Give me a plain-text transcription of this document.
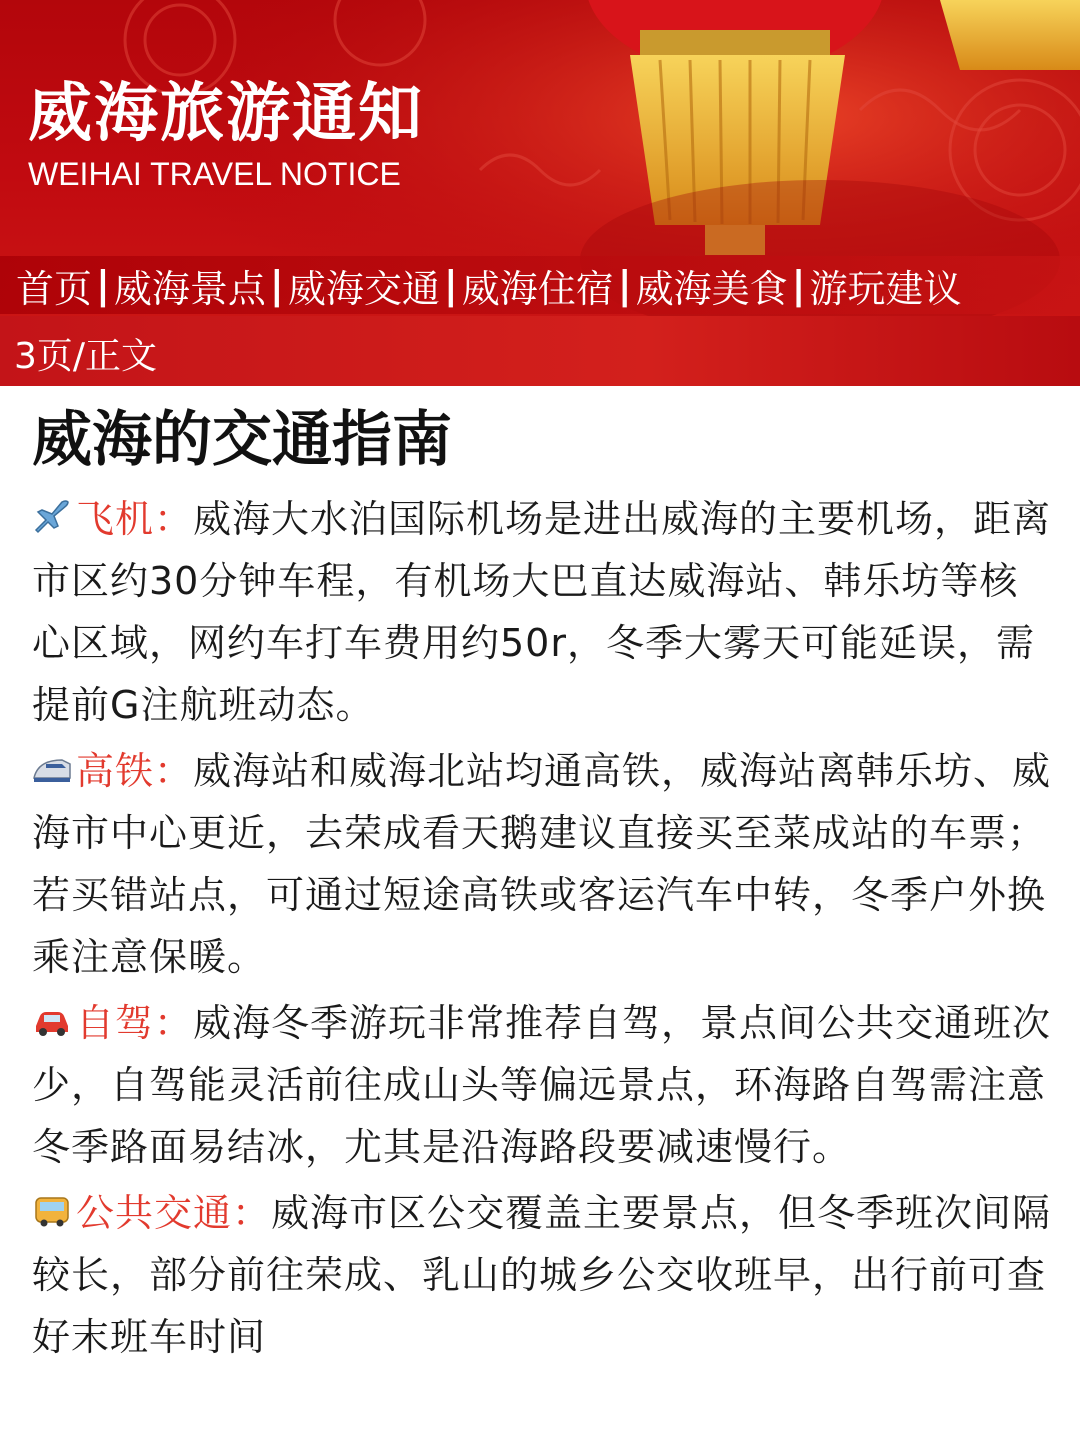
威海旅游通知
WEIHAI TRAVEL NOTICE
首页 | 威海景点 | 威海交通 | 威海住宿 | 威海美食 | 游玩建议
3页/正文
威海的交通指南

飞机：威海大水泊国际机场是进出威海的主要机场，距离市区约30分钟车程，有机场大巴直达威海站、韩乐坊等核心区域，网约车打车费用约50r，冬季大雾天可能延误，需提前G注航班动态。

高铁：威海站和威海北站均通高铁，威海站离韩乐坊、威海市中心更近，去荣成看天鹅建议直接买至菜成站的车票；若买错站点，可通过短途高铁或客运汽车中转，冬季户外换乘注意保暖。

自驾：威海冬季游玩非常推荐自驾，景点间公共交通班次少，自驾能灵活前往成山头等偏远景点，环海路自驾需注意冬季路面易结冰，尤其是沿海路段要减速慢行。

公共交通：威海市区公交覆盖主要景点，但冬季班次间隔较长，部分前往荣成、乳山的城乡公交收班早，出行前可查好末班车时间
